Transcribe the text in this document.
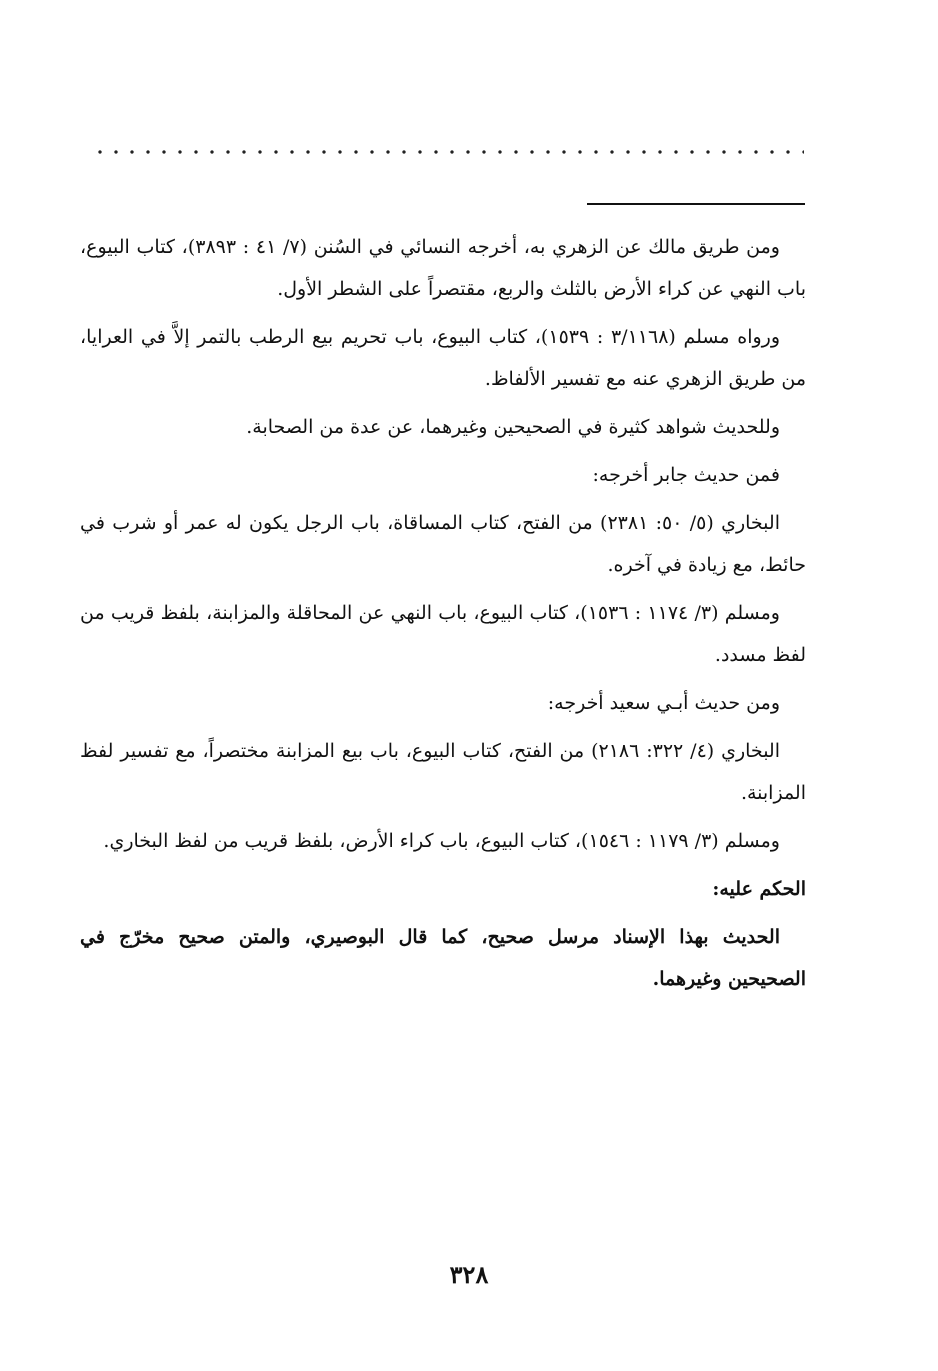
ومن طريق مالك عن الزهري به، أخرجه النسائي في السُنن (٧/ ٤١ : ٣٨٩٣)، كتاب البيوع، باب النهي عن كراء الأرض بالثلث والربع، مقتصراً على الشطر الأول.

ورواه مسلم (٣/١١٦٨ : ١٥٣٩)، كتاب البيوع، باب تحريم بيع الرطب بالتمر إلاَّ في العرايا، من طريق الزهري عنه مع تفسير الألفاظ.

وللحديث شواهد كثيرة في الصحيحين وغيرهما، عن عدة من الصحابة.

فمن حديث جابر أخرجه:

البخاري (٥/ ٥٠: ٢٣٨١) من الفتح، كتاب المساقاة، باب الرجل يكون له عمر أو شرب في حائط، مع زيادة في آخره.

ومسلم (٣/ ١١٧٤ : ١٥٣٦)، كتاب البيوع، باب النهي عن المحاقلة والمزابنة، بلفظ قريب من لفظ مسدد.

ومن حديث أبـي سعيد أخرجه:

البخاري (٤/ ٣٢٢: ٢١٨٦) من الفتح، كتاب البيوع، باب بيع المزابنة مختصراً، مع تفسير لفظ المزابنة.

ومسلم (٣/ ١١٧٩ : ١٥٤٦)، كتاب البيوع، باب كراء الأرض، بلفظ قريب من لفظ البخاري.

الحكم عليه:

الحديث بهذا الإسناد مرسل صحيح، كما قال البوصيري، والمتن صحيح مخرّج في الصحيحين وغيرهما.

٣٢٨
